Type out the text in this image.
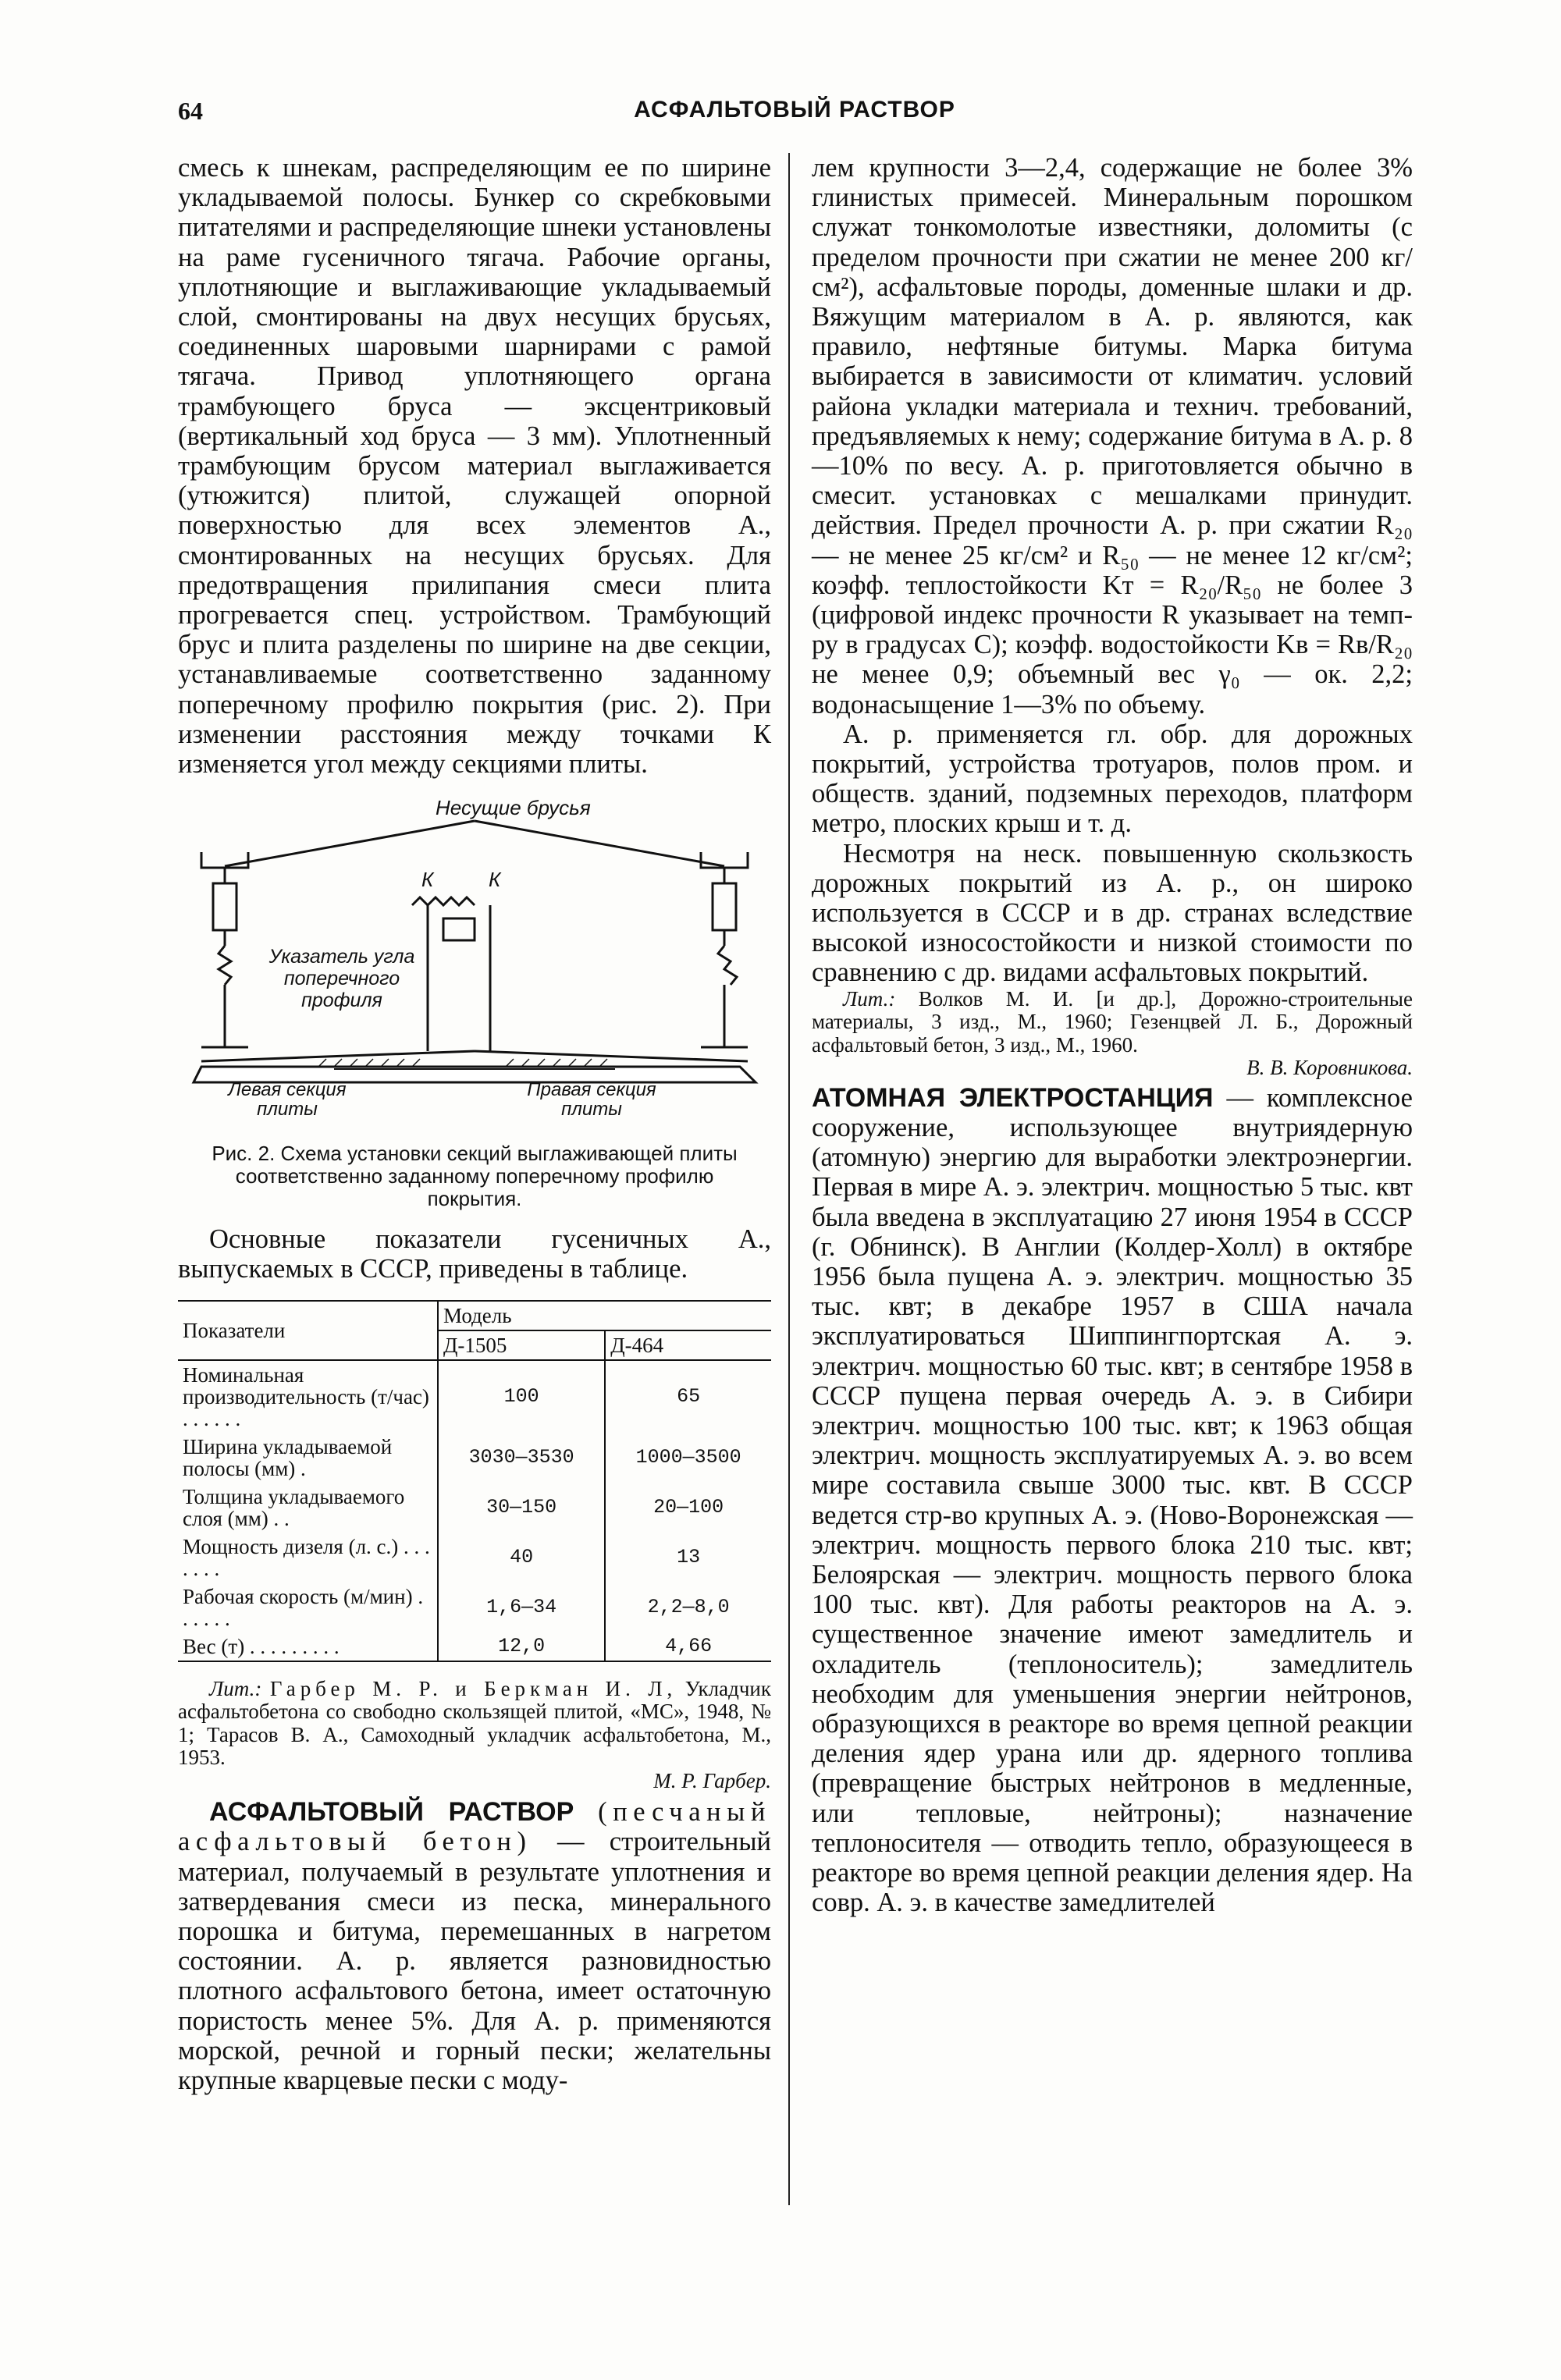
64	АСФАЛЬТОВЫЙ РАСТВОР

смесь к шнекам, распределяющим ее по ширине укладываемой полосы. Бункер со скребковыми питателями и распределяющие шнеки установлены на раме гусеничного тягача. Рабочие органы, уплотняющие и выглаживающие укладываемый слой, смонтированы на двух несущих брусьях, соединенных шаровыми шарнирами с рамой тягача. Привод уплотняющего органа трамбующего бруса — эксцентриковый (вертикальный ход бруса — 3 мм). Уплотненный трамбующим брусом материал выглаживается (утюжится) плитой, служащей опорной поверхностью для всех элементов А., смонтированных на несущих брусьях. Для предотвращения прилипания смеси плита прогревается спец. устройством. Трамбующий брус и плита разделены по ширине на две секции, устанавливаемые соответственно заданному поперечному профилю покрытия (рис. 2). При изменении расстояния между точками К изменяется угол между секциями плиты.

Несущие брусья
К	К
Указатель угла поперечного профиля
Левая секция плиты
Правая секция плиты
Рис. 2. Схема установки секций выглаживающей плиты соответственно заданному поперечному профилю покрытия.

Основные показатели гусеничных А., выпускаемых в СССР, приведены в таблице.

Показатели	Модель	
	Д-1505	Д-464
Номинальная производительность (т/час) . . . . . .	100	65
Ширина укладываемой полосы (мм) .	3030—3530	1000—3500
Толщина укладываемого слоя (мм) . .	30—150	20—100
Мощность дизеля (л. с.) . . . . . . .	40	13
Рабочая скорость (м/мин) . . . . . .	1,6—34	2,2—8,0
Вес (т) . . . . . . . . .	12,0	4,66

Лит.: Гарбер М. Р. и Беркман И. Л, Укладчик асфальтобетона со свободно скользящей плитой, «МС», 1948, № 1; Тарасов В. А., Самоходный укладчик асфальтобетона, М., 1953.

М. Р. Гарбер.

АСФАЛЬТОВЫЙ РАСТВОР (песчаный асфальтовый бетон) — строительный материал, получаемый в результате уплотнения и затвердевания смеси из песка, минерального порошка и битума, перемешанных в нагретом состоянии. А. р. является разновидностью плотного асфальтового бетона, имеет остаточную пористость менее 5%. Для А. р. применяются морской, речной и горный пески; желательны крупные кварцевые пески с моду-

лем крупности 3—2,4, содержащие не более 3% глинистых примесей. Минеральным порошком служат тонкомолотые известняки, доломиты (с пределом прочности при сжатии не менее 200 кг/см²), асфальтовые породы, доменные шлаки и др. Вяжущим материалом в А. р. являются, как правило, нефтяные битумы. Марка битума выбирается в зависимости от климатич. условий района укладки материала и технич. требований, предъявляемых к нему; содержание битума в А. р. 8—10% по весу. А. р. приготовляется обычно в смесит. установках с мешалками принудит. действия. Предел прочности А. р. при сжатии R₂₀ — не менее 25 кг/см² и R₅₀ — не менее 12 кг/см²; коэфф. теплостойкости Kт = R₂₀/R₅₀ не более 3 (цифровой индекс прочности R указывает на темп-ру в градусах С); коэфф. водостойкости Kв = Rв/R₂₀ не менее 0,9; объемный вес γ₀ — ок. 2,2; водонасыщение 1—3% по объему.

А. р. применяется гл. обр. для дорожных покрытий, устройства тротуаров, полов пром. и обществ. зданий, подземных переходов, платформ метро, плоских крыш и т. д.

Несмотря на неск. повышенную скользкость дорожных покрытий из А. р., он широко используется в СССР и в др. странах вследствие высокой износостойкости и низкой стоимости по сравнению с др. видами асфальтовых покрытий.

Лит.: Волков М. И. [и др.], Дорожно-строительные материалы, 3 изд., М., 1960; Гезенцвей Л. Б., Дорожный асфальтовый бетон, 3 изд., М., 1960.

В. В. Коровникова.

АТОМНАЯ ЭЛЕКТРОСТАНЦИЯ — комплексное сооружение, использующее внутриядерную (атомную) энергию для выработки электроэнергии. Первая в мире А. э. электрич. мощностью 5 тыс. квт была введена в эксплуатацию 27 июня 1954 в СССР (г. Обнинск). В Англии (Колдер-Холл) в октябре 1956 была пущена А. э. электрич. мощностью 35 тыс. квт; в декабре 1957 в США начала эксплуатироваться Шиппингпортская А. э. электрич. мощностью 60 тыс. квт; в сентябре 1958 в СССР пущена первая очередь А. э. в Сибири электрич. мощностью 100 тыс. квт; к 1963 общая электрич. мощность эксплуатируемых А. э. во всем мире составила свыше 3000 тыс. квт. В СССР ведется стр-во крупных А. э. (Ново-Воронежская — электрич. мощность первого блока 210 тыс. квт; Белоярская — электрич. мощность первого блока 100 тыс. квт). Для работы реакторов на А. э. существенное значение имеют замедлитель и охладитель (теплоноситель); замедлитель необходим для уменьшения энергии нейтронов, образующихся в реакторе во время цепной реакции деления ядер урана или др. ядерного топлива (превращение быстрых нейтронов в медленные, или тепловые, нейтроны); назначение теплоносителя — отводить тепло, образующееся в реакторе во время цепной реакции деления ядер. На совр. А. э. в качестве замедлителей
